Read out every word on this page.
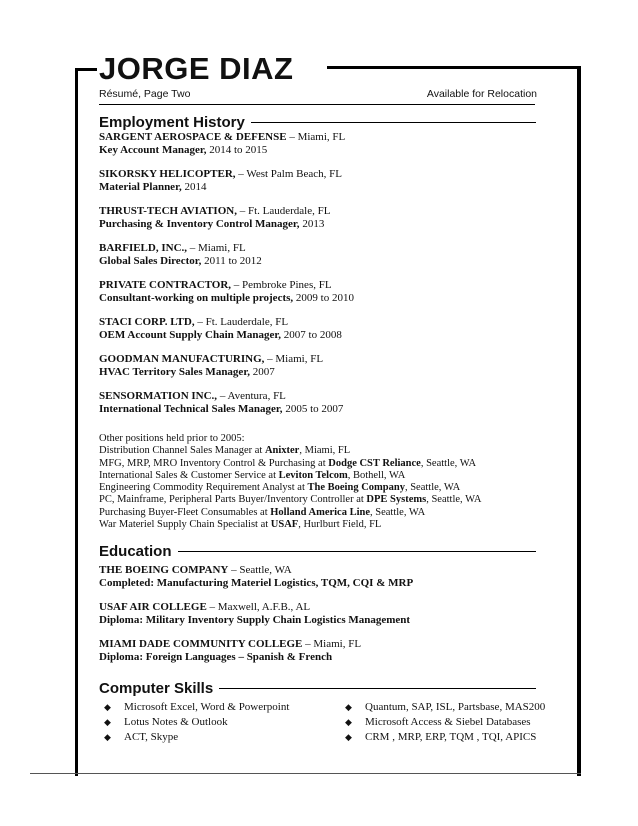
JORGE DIAZ
Résumé, Page Two	Available for Relocation
Employment History
SARGENT AEROSPACE & DEFENSE – Miami, FL
Key Account Manager, 2014 to 2015
SIKORSKY HELICOPTER, – West Palm Beach, FL
Material Planner, 2014
THRUST-TECH AVIATION, – Ft. Lauderdale, FL
Purchasing & Inventory Control Manager, 2013
BARFIELD, INC., – Miami, FL
Global Sales Director, 2011 to 2012
PRIVATE CONTRACTOR, – Pembroke Pines, FL
Consultant-working on multiple projects, 2009 to 2010
STACI CORP. LTD, – Ft. Lauderdale, FL
OEM Account Supply Chain Manager, 2007 to 2008
GOODMAN MANUFACTURING, – Miami, FL
HVAC Territory Sales Manager, 2007
SENSORMATION INC., – Aventura, FL
International Technical Sales Manager, 2005 to 2007
Other positions held prior to 2005:
Distribution Channel Sales Manager at Anixter, Miami, FL
MFG, MRP, MRO Inventory Control & Purchasing at Dodge CST Reliance, Seattle, WA
International Sales & Customer Service at Leviton Telcom, Bothell, WA
Engineering Commodity Requirement Analyst at The Boeing Company, Seattle, WA
PC, Mainframe, Peripheral Parts Buyer/Inventory Controller at DPE Systems, Seattle, WA
Purchasing Buyer-Fleet Consumables at Holland America Line, Seattle, WA
War Materiel Supply Chain Specialist at USAF, Hurlburt Field, FL
Education
THE BOEING COMPANY – Seattle, WA
Completed: Manufacturing Materiel Logistics, TQM, CQI & MRP
USAF AIR COLLEGE – Maxwell, A.F.B., AL
Diploma: Military Inventory Supply Chain Logistics Management
MIAMI DADE COMMUNITY COLLEGE – Miami, FL
Diploma: Foreign Languages – Spanish & French
Computer Skills
◆	Microsoft Excel, Word & Powerpoint
◆	Lotus Notes & Outlook
◆	ACT, Skype
◆	Quantum, SAP, ISL, Partsbase, MAS200
◆	Microsoft Access & Siebel Databases
◆	CRM , MRP, ERP, TQM , TQI, APICS
